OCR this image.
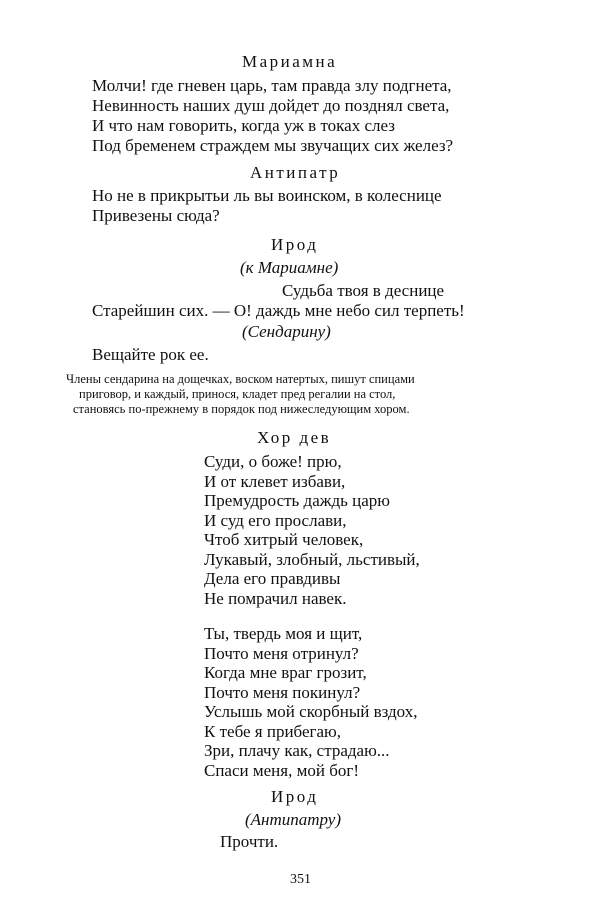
Мариамна
Молчи! где гневен царь, там правда злу подгнета,
Невинность наших душ дойдет до позднял света,
И что нам говорить, когда уж в токах слез
Под бременем страждем мы звучащих сих желез?
Антипатр
Но не в прикрытьи ль вы воинском, в колеснице
Привезены сюда?
Ирод
(к Мариамне)
Судьба твоя в деснице
Старейшин сих. — О! даждь мне небо сил терпеть!
(Сендарину)
Вещайте рок ее.
Члены сендарина на дощечках, воском натертых, пишут спицами
приговор, и каждый, принося, кладет пред регалии на стол,
становясь по-прежнему в порядок под нижеследующим хором.
Хор дев
Суди, о боже! прю,
И от клевет избави,
Премудрость даждь царю
И суд его прослави,
Чтоб хитрый человек,
Лукавый, злобный, льстивый,
Дела его правдивы
Не помрачил навек.
Ты, твердь моя и щит,
Почто меня отринул?
Когда мне враг грозит,
Почто меня покинул?
Услышь мой скорбный вздох,
К тебе я прибегаю,
Зри, плачу как, страдаю...
Спаси меня, мой бог!
Ирод
(Антипатру)
Прочти.
351
